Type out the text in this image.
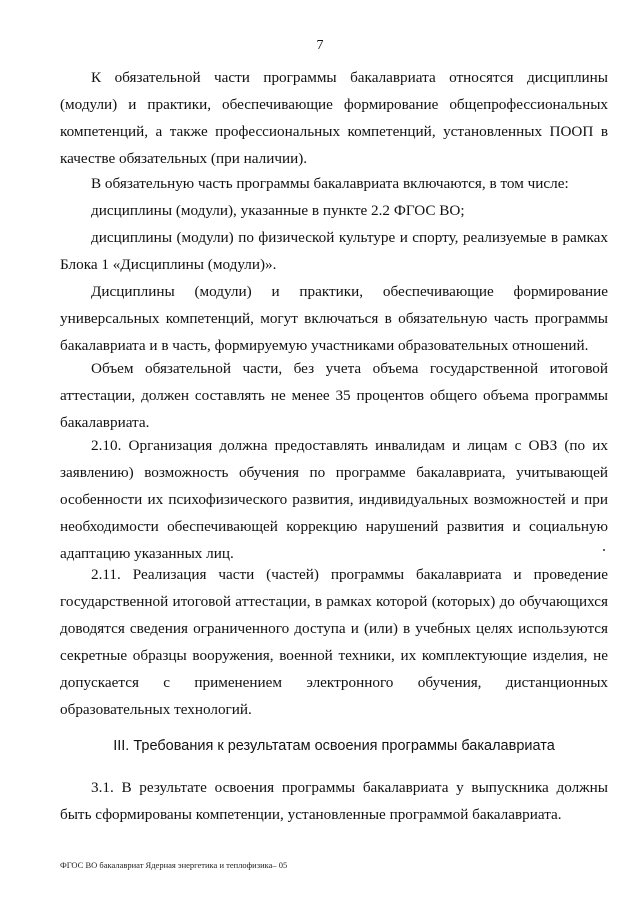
7

К обязательной части программы бакалавриата относятся дисциплины (модули) и практики, обеспечивающие формирование общепрофессиональных компетенций, а также профессиональных компетенций, установленных ПООП в качестве обязательных (при наличии).

В обязательную часть программы бакалавриата включаются, в том числе:

дисциплины (модули), указанные в пункте 2.2 ФГОС ВО;

дисциплины (модули) по физической культуре и спорту, реализуемые в рамках Блока 1 «Дисциплины (модули)».

Дисциплины (модули) и практики, обеспечивающие формирование универсальных компетенций, могут включаться в обязательную часть программы бакалавриата и в часть, формируемую участниками образовательных отношений.

Объем обязательной части, без учета объема государственной итоговой аттестации, должен составлять не менее 35 процентов общего объема программы бакалавриата.

2.10. Организация должна предоставлять инвалидам и лицам с ОВЗ (по их заявлению) возможность обучения по программе бакалавриата, учитывающей особенности их психофизического развития, индивидуальных возможностей и при необходимости обеспечивающей коррекцию нарушений развития и социальную адаптацию указанных лиц.

2.11. Реализация части (частей) программы бакалавриата и проведение государственной итоговой аттестации, в рамках которой (которых) до обучающихся доводятся сведения ограниченного доступа и (или) в учебных целях используются секретные образцы вооружения, военной техники, их комплектующие изделия, не допускается с применением электронного обучения, дистанционных образовательных технологий.

III. Требования к результатам освоения программы бакалавриата

3.1. В результате освоения программы бакалавриата у выпускника должны быть сформированы компетенции, установленные программой бакалавриата.

ФГОС ВО бакалавриат Ядерная энергетика и теплофизика– 05
